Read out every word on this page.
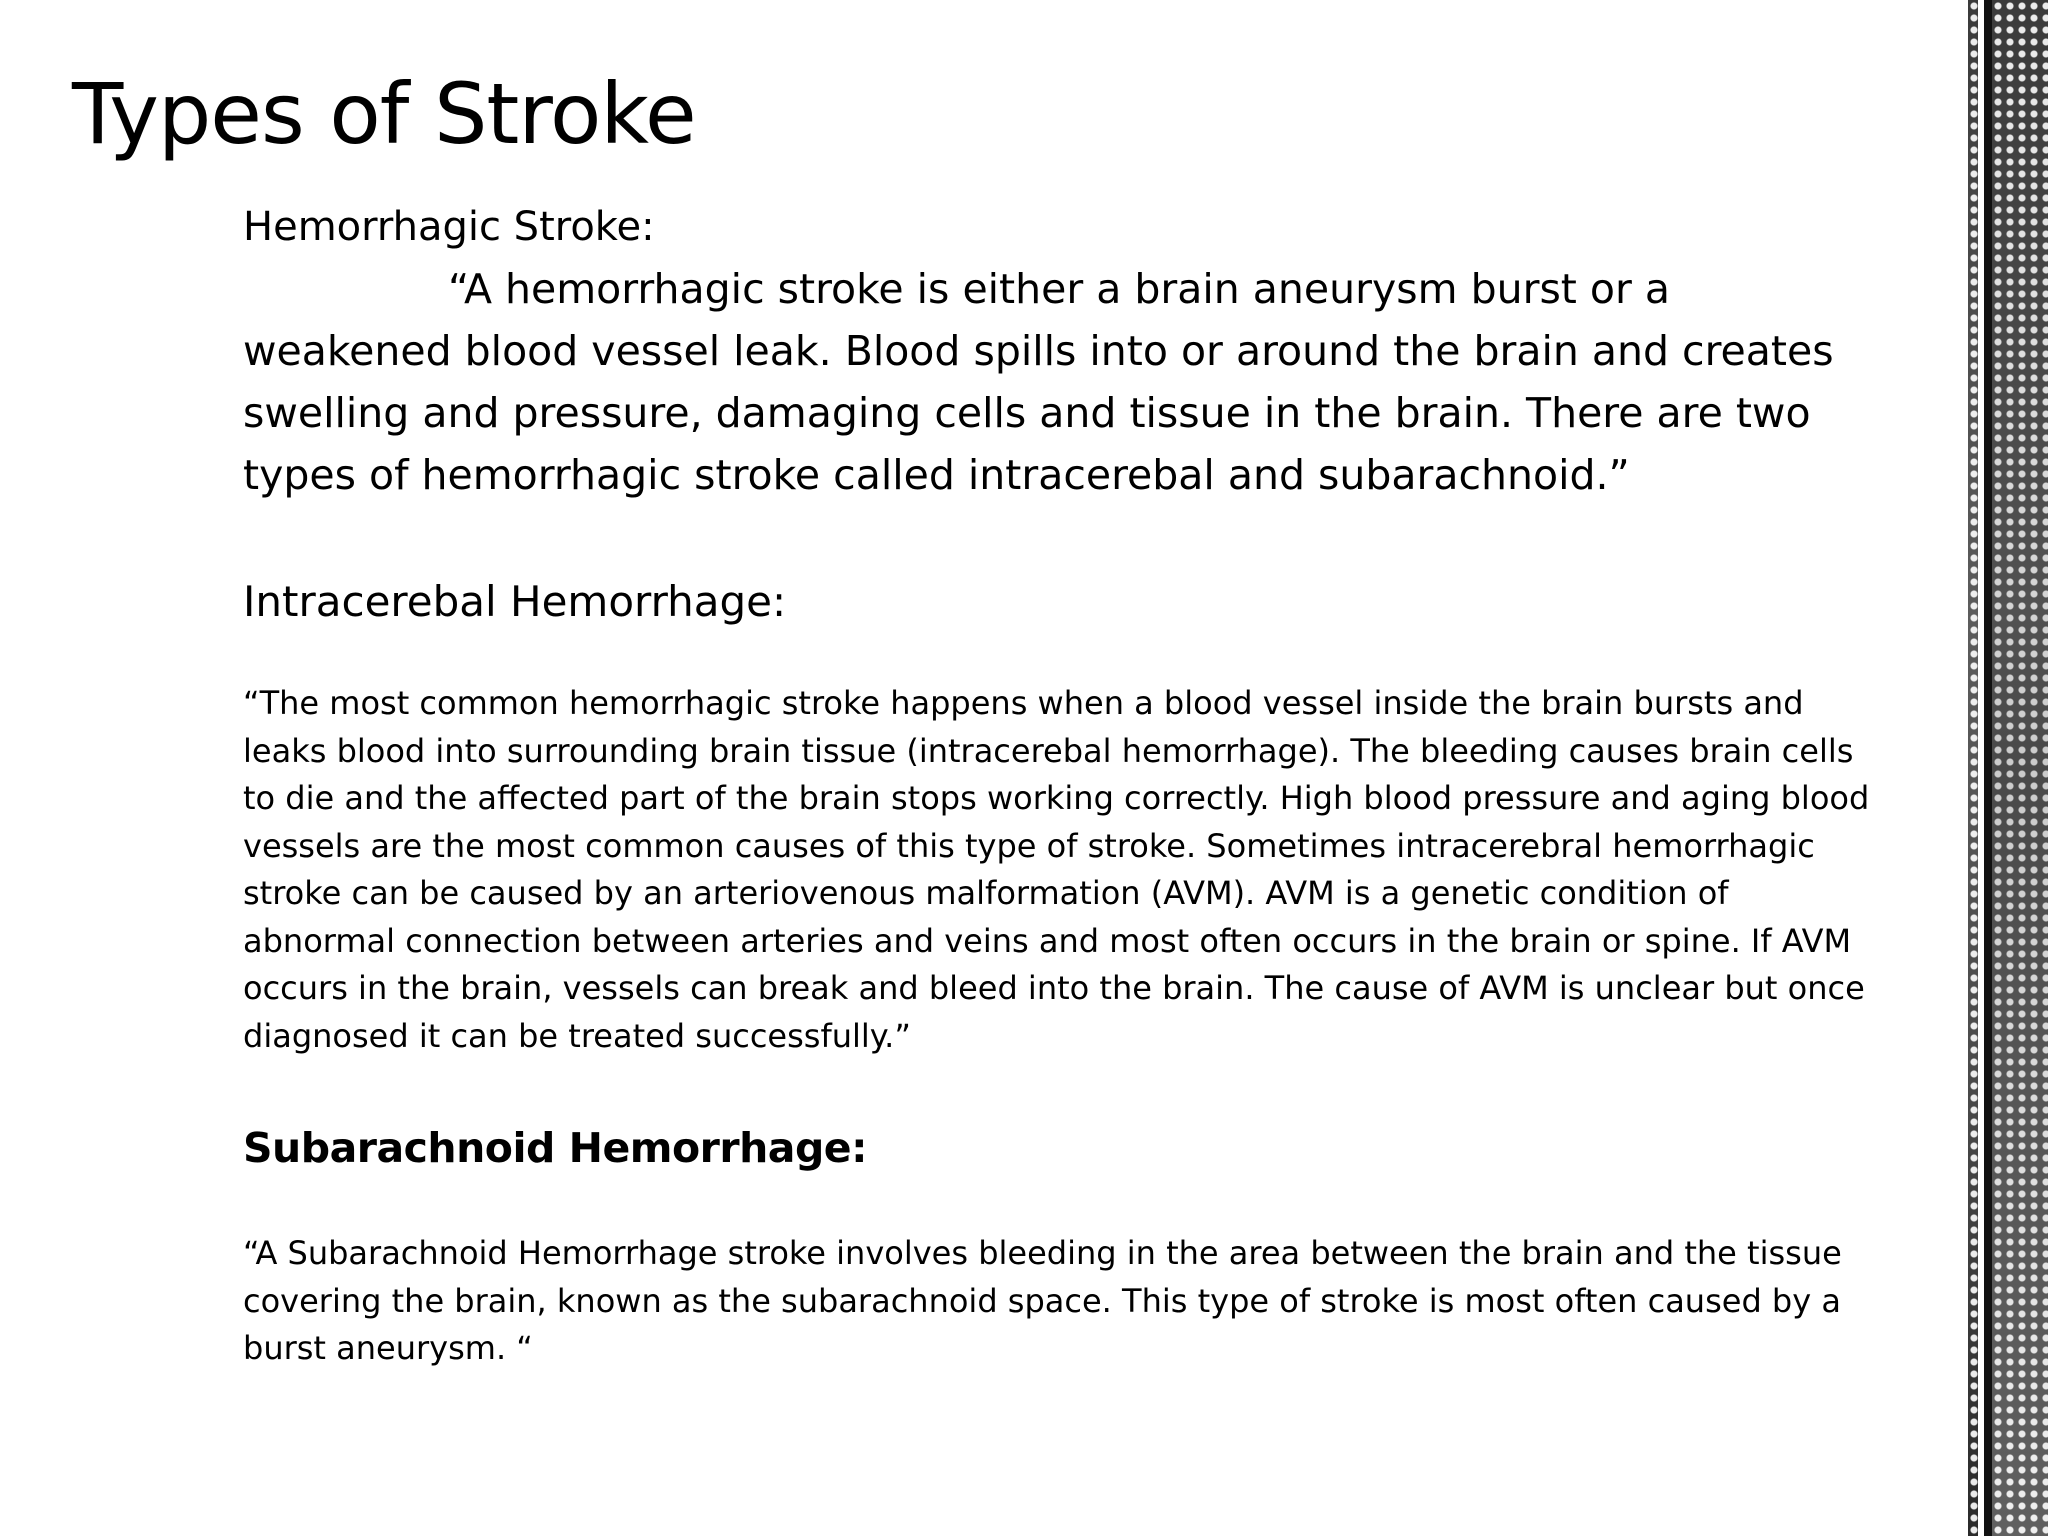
Types of Stroke

Hemorrhagic Stroke:

“A hemorrhagic stroke is either a brain aneurysm burst or a weakened blood vessel leak. Blood spills into or around the brain and creates swelling and pressure, damaging cells and tissue in the brain. There are two types of hemorrhagic stroke called intracerebal and subarachnoid.”

Intracerebal Hemorrhage:

“The most common hemorrhagic stroke happens when a blood vessel inside the brain bursts and leaks blood into surrounding brain tissue (intracerebal hemorrhage). The bleeding causes brain cells to die and the affected part of the brain stops working correctly. High blood pressure and aging blood vessels are the most common causes of this type of stroke. Sometimes intracerebral hemorrhagic stroke can be caused by an arteriovenous malformation (AVM). AVM is a genetic condition of abnormal connection between arteries and veins and most often occurs in the brain or spine. If AVM occurs in the brain, vessels can break and bleed into the brain. The cause of AVM is unclear but once diagnosed it can be treated successfully.”

Subarachnoid Hemorrhage:

“A Subarachnoid Hemorrhage stroke involves bleeding in the area between the brain and the tissue covering the brain, known as the subarachnoid space. This type of stroke is most often caused by a burst aneurysm. “
